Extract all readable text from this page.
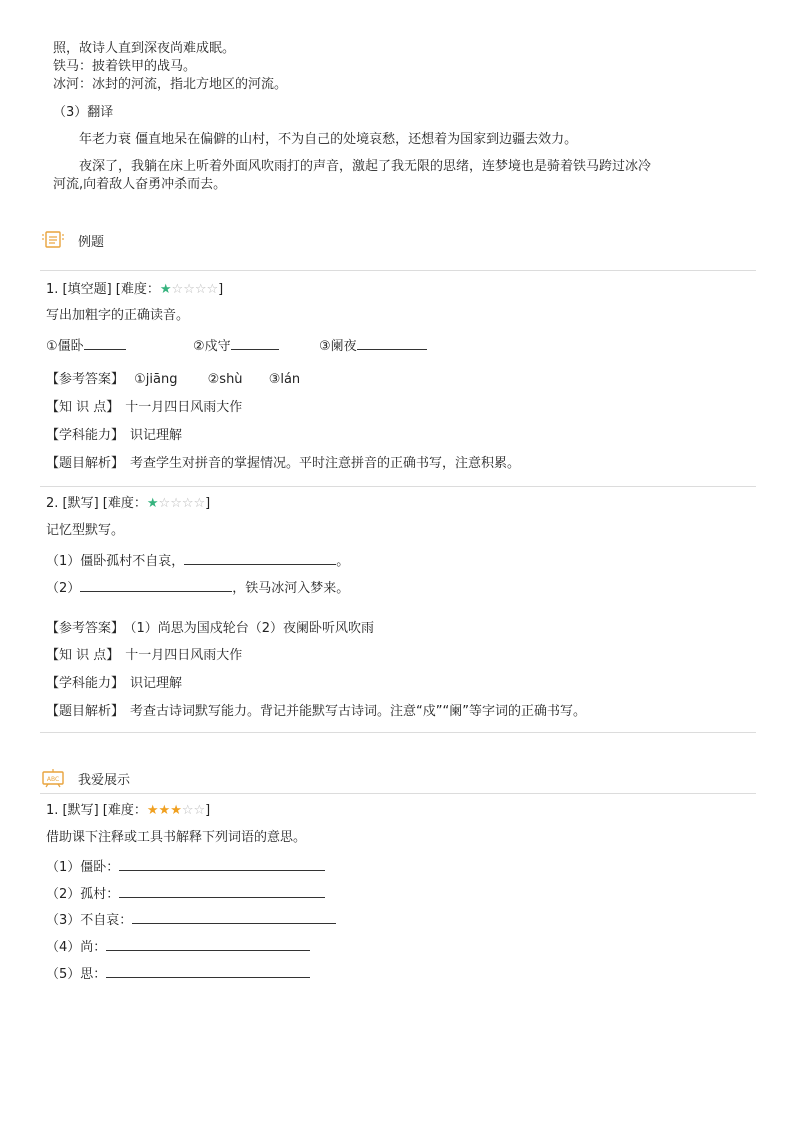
照，故诗人直到深夜尚难成眠。
铁马：披着铁甲的战马。
冰河：冰封的河流，指北方地区的河流。
（3）翻译
年老力衰 僵直地呆在偏僻的山村，不为自己的处境哀愁，还想着为国家到边疆去效力。
夜深了，我躺在床上听着外面风吹雨打的声音，激起了我无限的思绪，连梦境也是骑着铁马跨过冰冷
河流,向着敌人奋勇冲杀而去。
例题
1. [填空题] [难度：★☆☆☆☆]
写出加粗字的正确读音。
①僵卧	②戍守	③阑夜
【参考答案】 ①jiāng ②shù ③lán
【知 识 点】 十一月四日风雨大作
【学科能力】 识记理解
【题目解析】 考查学生对拼音的掌握情况。平时注意拼音的正确书写，注意积累。
2. [默写] [难度：★☆☆☆☆]
记忆型默写。
（1）僵卧孤村不自哀，	。
（2）	，铁马冰河入梦来。
【参考答案】 （1）尚思为国戍轮台（2）夜阑卧听风吹雨
【知 识 点】 十一月四日风雨大作
【学科能力】 识记理解
【题目解析】 考查古诗词默写能力。背记并能默写古诗词。注意“戍”“阑”等字词的正确书写。
ABC 我爱展示
1. [默写] [难度：★★★☆☆]
借助课下注释或工具书解释下列词语的意思。
（1）僵卧：
（2）孤村：
（3）不自哀：
（4）尚：
（5）思：
